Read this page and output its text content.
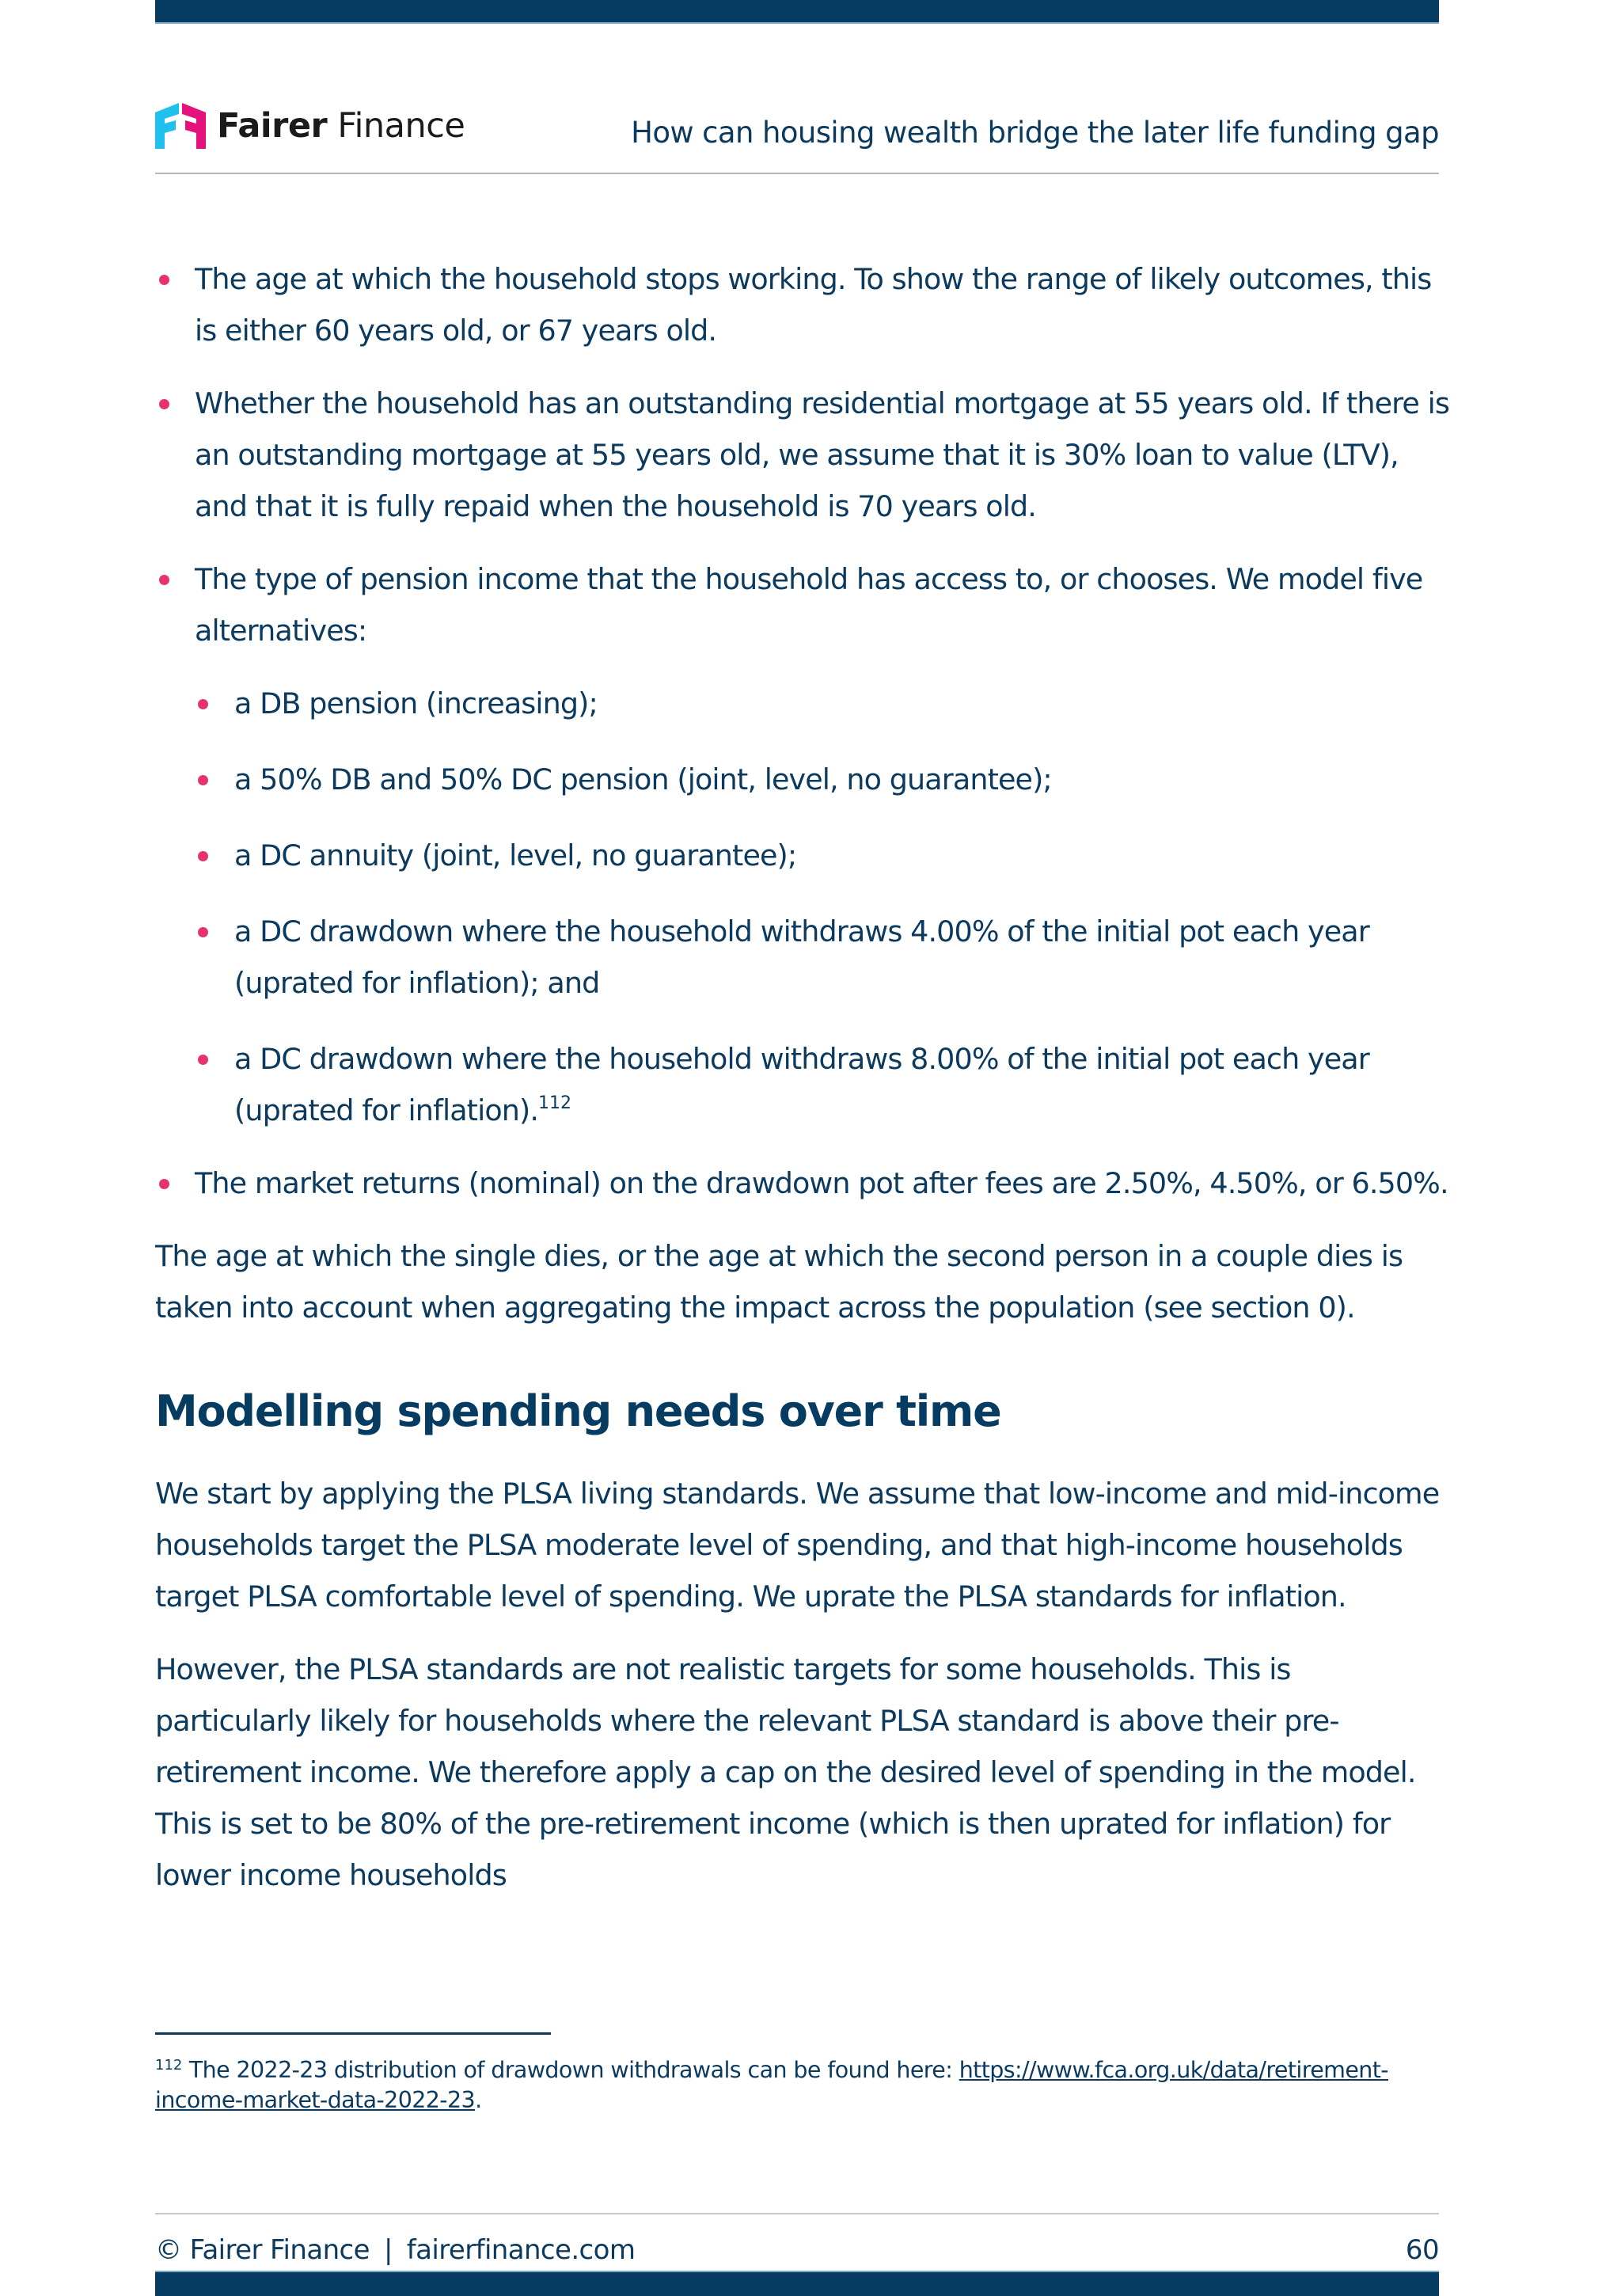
Fairer Finance	How can housing wealth bridge the later life funding gap
The age at which the household stops working. To show the range of likely outcomes, this is either 60 years old, or 67 years old.
Whether the household has an outstanding residential mortgage at 55 years old. If there is an outstanding mortgage at 55 years old, we assume that it is 30% loan to value (LTV), and that it is fully repaid when the household is 70 years old.
The type of pension income that the household has access to, or chooses. We model five alternatives:
a DB pension (increasing);
a 50% DB and 50% DC pension (joint, level, no guarantee);
a DC annuity (joint, level, no guarantee);
a DC drawdown where the household withdraws 4.00% of the initial pot each year (uprated for inflation); and
a DC drawdown where the household withdraws 8.00% of the initial pot each year (uprated for inflation).$^{112}$
The market returns (nominal) on the drawdown pot after fees are 2.50%, 4.50%, or 6.50%.

The age at which the single dies, or the age at which the second person in a couple dies is taken into account when aggregating the impact across the population (see section 0).

Modelling spending needs over time

We start by applying the PLSA living standards. We assume that low-income and mid-income households target the PLSA moderate level of spending, and that high-income households target PLSA comfortable level of spending. We uprate the PLSA standards for inflation.

However, the PLSA standards are not realistic targets for some households. This is particularly likely for households where the relevant PLSA standard is above their pre-retirement income. We therefore apply a cap on the desired level of spending in the model. This is set to be 80% of the pre-retirement income (which is then uprated for inflation) for lower income households

$^{112}$ The 2022-23 distribution of drawdown withdrawals can be found here: https://www.fca.org.uk/data/retirement-income-market-data-2022-23.
© Fairer Finance | fairerfinance.com	60
